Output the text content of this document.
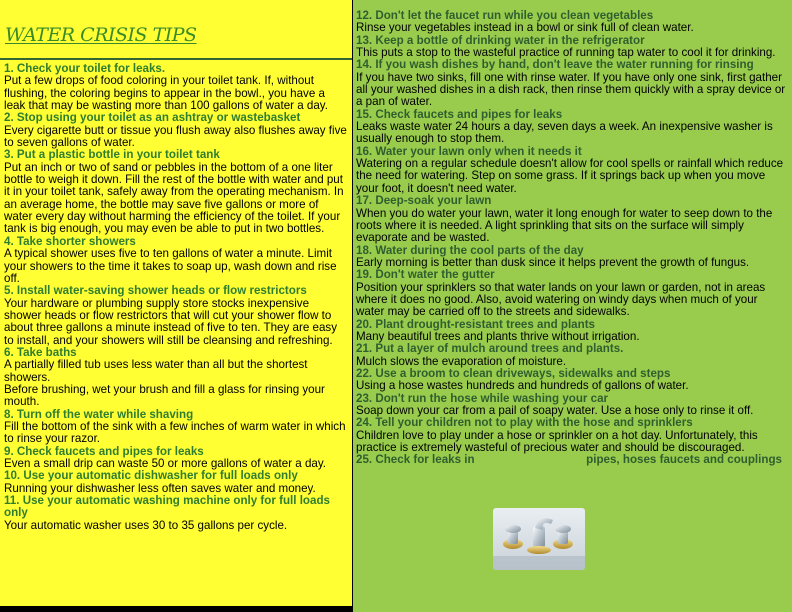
WATER CRISIS TIPS
1. Check your toilet for leaks.
Put a few drops of food coloring in your toilet tank. If, without flushing, the coloring begins to appear in the bowl., you have a leak that may be wasting more than 100 gallons of water a day.
2. Stop using your toilet as an ashtray or wastebasket
Every cigarette butt or tissue you flush away also flushes away five to seven gallons of water.
3. Put a plastic bottle in your toilet tank
Put an inch or two of sand or pebbles in the bottom of a one liter bottle to weigh it down. Fill the rest of the bottle with water and put it in your toilet tank, safely away from the operating mechanism. In an average home, the bottle may save five gallons or more of water every day without harming the efficiency of the toilet. If your tank is big enough, you may even be able to put in two bottles.
4. Take shorter showers
A typical shower uses five to ten gallons of water a minute. Limit your showers to the time it takes to soap up, wash down and rise off.
5. Install water-saving shower heads or flow restrictors
Your hardware or plumbing supply store stocks inexpensive shower heads or flow restrictors that will cut your shower flow to about three gallons a minute instead of five to ten. They are easy to install, and your showers will still be cleansing and refreshing.
6. Take baths
A partially filled tub uses less water than all but the shortest showers.
Before brushing, wet your brush and fill a glass for rinsing your mouth.
8. Turn off the water while shaving
Fill the bottom of the sink with a few inches of warm water in which to rinse your razor.
9. Check faucets and pipes for leaks
Even a small drip can waste 50 or more gallons of water a day.
10. Use your automatic dishwasher for full loads only
Running your dishwasher less often saves water and money.
11. Use your automatic washing machine only for full loads only
Your automatic washer uses 30 to 35 gallons per cycle.
12. Don't let the faucet run while you clean vegetables
Rinse your vegetables instead in a bowl or sink full of clean water.
13. Keep a bottle of drinking water in the refrigerator
This puts a stop to the wasteful practice of running tap water to cool it for drinking.
14. If you wash dishes by hand, don't leave the water running for rinsing
If you have two sinks, fill one with rinse water. If you have only one sink, first gather all your washed dishes in a dish rack, then rinse them quickly with a spray device or a pan of water.
15. Check faucets and pipes for leaks
Leaks waste water 24 hours a day, seven days a week. An inexpensive washer is usually enough to stop them.
16. Water your lawn only when it needs it
Watering on a regular schedule doesn't allow for cool spells or rainfall which reduce the need for watering. Step on some grass. If it springs back up when you move your foot, it doesn't need water.
17. Deep-soak your lawn
When you do water your lawn, water it long enough for water to seep down to the roots where it is needed. A light sprinkling that sits on the surface will simply evaporate and be wasted.
18. Water during the cool parts of the day
Early morning is better than dusk since it helps prevent the growth of fungus.
19. Don't water the gutter
Position your sprinklers so that water lands on your lawn or garden, not in areas where it does no good. Also, avoid watering on windy days when much of your water may be carried off to the streets and sidewalks.
20. Plant drought-resistant trees and plants
Many beautiful trees and plants thrive without irrigation.
21. Put a layer of mulch around trees and plants.
Mulch slows the evaporation of moisture.
22. Use a broom to clean driveways, sidewalks and steps
Using a hose wastes hundreds and hundreds of gallons of water.
23. Don't run the hose while washing your car
Soap down your car from a pail of soapy water. Use a hose only to rinse it off.
24. Tell your children not to play with the hose and sprinklers
Children love to play under a hose or sprinkler on a hot day. Unfortunately, this practice is extremely wasteful of precious water and should be discouraged.
25. Check for leaks in	pipes, hoses faucets and couplings
